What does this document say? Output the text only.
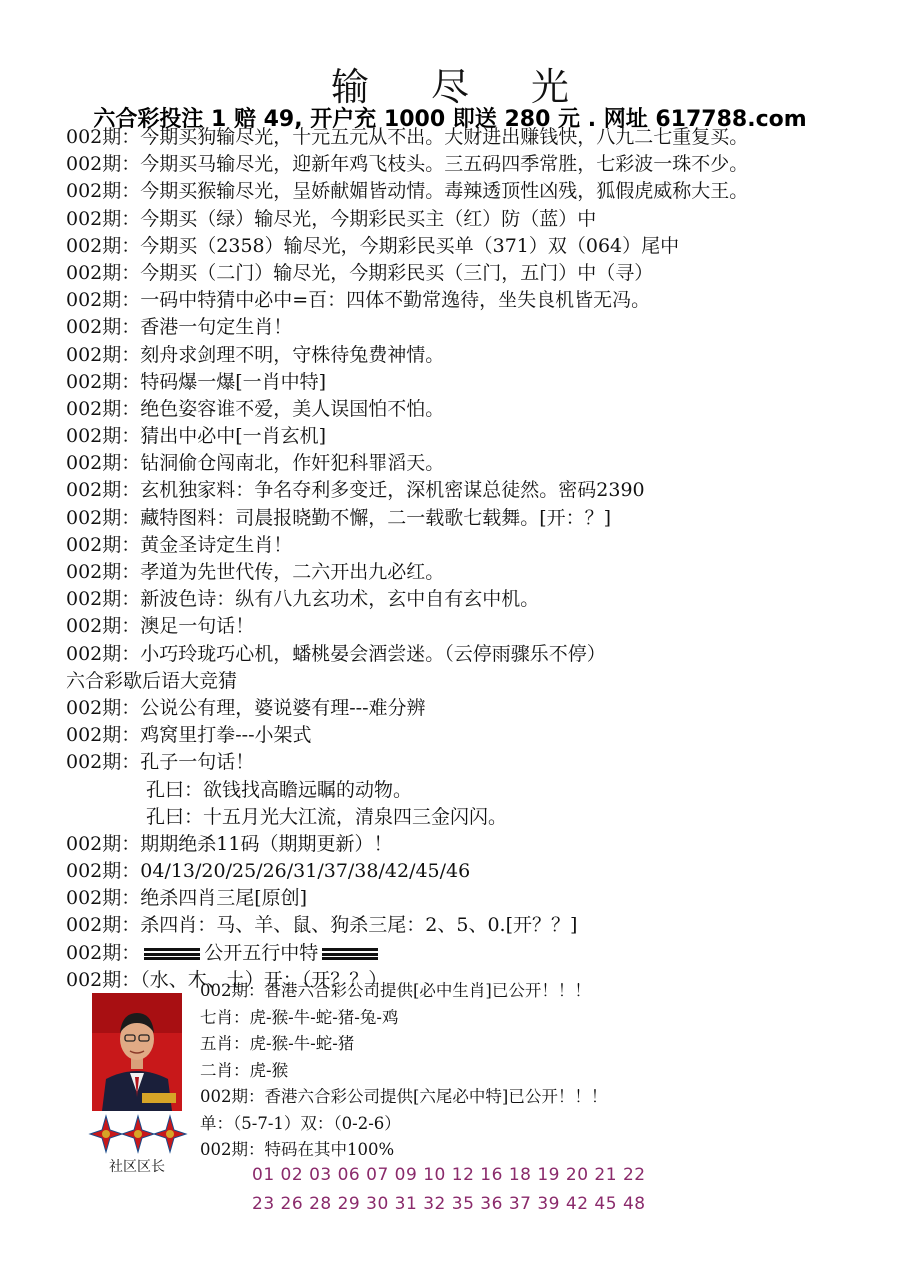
输尽光
六合彩投注 1 赔 49, 开户充 1000 即送 280 元 . 网址 617788.com
002期：今期买狗输尽光，十元五元从不出。大财进出赚钱快，八九二七重复买。
002期：今期买马输尽光，迎新年鸡飞枝头。三五码四季常胜，七彩波一珠不少。
002期：今期买猴输尽光，呈娇献媚皆动情。毒辣透顶性凶残，狐假虎威称大王。
002期：今期买（绿）输尽光，今期彩民买主（红）防（蓝）中
002期：今期买（2358）输尽光，今期彩民买单（371）双（064）尾中
002期：今期买（二门）输尽光，今期彩民买（三门，五门）中（寻）
002期：一码中特猜中必中=百：四体不勤常逸待，坐失良机皆无冯。
002期：香港一句定生肖！
002期：刻舟求剑理不明，守株待兔费神情。
002期：特码爆一爆[一肖中特]
002期：绝色姿容谁不爱，美人误国怕不怕。
002期：猜出中必中[一肖玄机]
002期：钻洞偷仓闯南北，作奸犯科罪滔天。
002期：玄机独家料：争名夺利多变迁，深机密谋总徒然。密码2390
002期：藏特图料：司晨报晓勤不懈，二一载歌七载舞。[开：？]
002期：黄金圣诗定生肖！
002期：孝道为先世代传，二六开出九必红。
002期：新波色诗：纵有八九玄功术，玄中自有玄中机。
002期：澳足一句话！
002期：小巧玲珑巧心机，蟠桃晏会酒尝迷。（云停雨骤乐不停）
六合彩歇后语大竞猜
002期：公说公有理，婆说婆有理---难分辨
002期：鸡窝里打拳---小架式
002期：孔子一句话！
孔曰：欲钱找高瞻远瞩的动物。
孔曰：十五月光大江流，清泉四三金闪闪。
002期：期期绝杀11码（期期更新）！
002期：04/13/20/25/26/31/37/38/42/45/46
002期：绝杀四肖三尾[原创]
002期：杀四肖：马、羊、鼠、狗杀三尾：2、5、0.[开？？]
002期：	公开五行中特
002期：（水、木、土）开：（开？？）
社区区长
002期：香港六合彩公司提供[必中生肖]已公开！！！
七肖：虎-猴-牛-蛇-猪-兔-鸡
五肖：虎-猴-牛-蛇-猪
二肖：虎-猴
002期：香港六合彩公司提供[六尾必中特]已公开！！！
单：（5-7-1）双：（0-2-6）
002期：特码在其中100%
01 02 03 06 07 09 10 12 16 18 19 20 21 22
23 26 28 29 30 31 32 35 36 37 39 42 45 48
